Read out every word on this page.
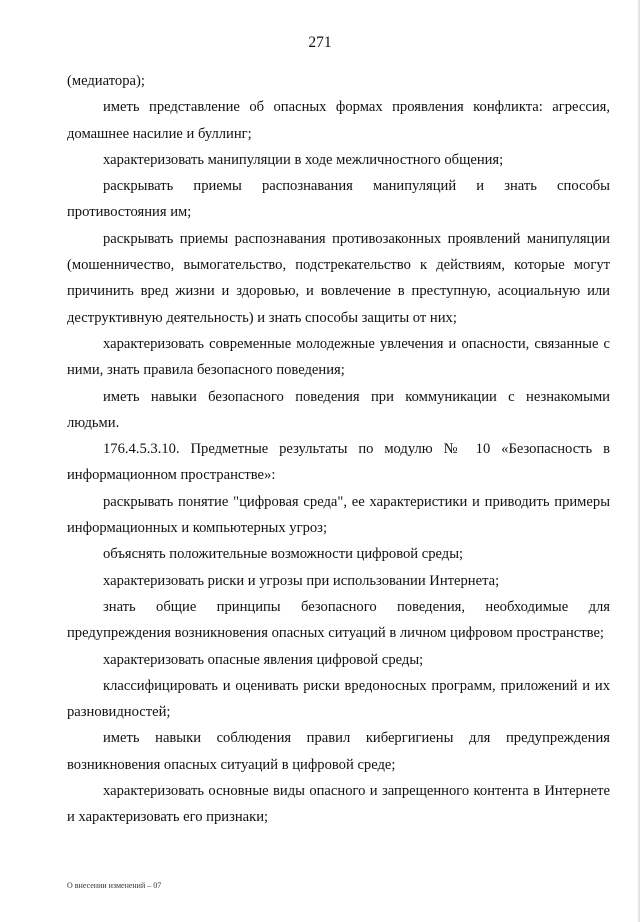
271

(медиатора);

иметь представление об опасных формах проявления конфликта: агрессия, домашнее насилие и буллинг;

характеризовать манипуляции в ходе межличностного общения;

раскрывать приемы распознавания манипуляций и знать способы противостояния им;

раскрывать приемы распознавания противозаконных проявлений манипуляции (мошенничество, вымогательство, подстрекательство к действиям, которые могут причинить вред жизни и здоровью, и вовлечение в преступную, асоциальную или деструктивную деятельность) и знать способы защиты от них;

характеризовать современные молодежные увлечения и опасности, связанные с ними, знать правила безопасного поведения;

иметь навыки безопасного поведения при коммуникации с незнакомыми людьми.

176.4.5.3.10. Предметные результаты по модулю № 10 «Безопасность в информационном пространстве»:

раскрывать понятие "цифровая среда", ее характеристики и приводить примеры информационных и компьютерных угроз;

объяснять положительные возможности цифровой среды;

характеризовать риски и угрозы при использовании Интернета;

знать общие принципы безопасного поведения, необходимые для предупреждения возникновения опасных ситуаций в личном цифровом пространстве;

характеризовать опасные явления цифровой среды;

классифицировать и оценивать риски вредоносных программ, приложений и их разновидностей;

иметь навыки соблюдения правил кибергигиены для предупреждения возникновения опасных ситуаций в цифровой среде;

характеризовать основные виды опасного и запрещенного контента в Интернете и характеризовать его признаки;

О внесении изменений – 07
